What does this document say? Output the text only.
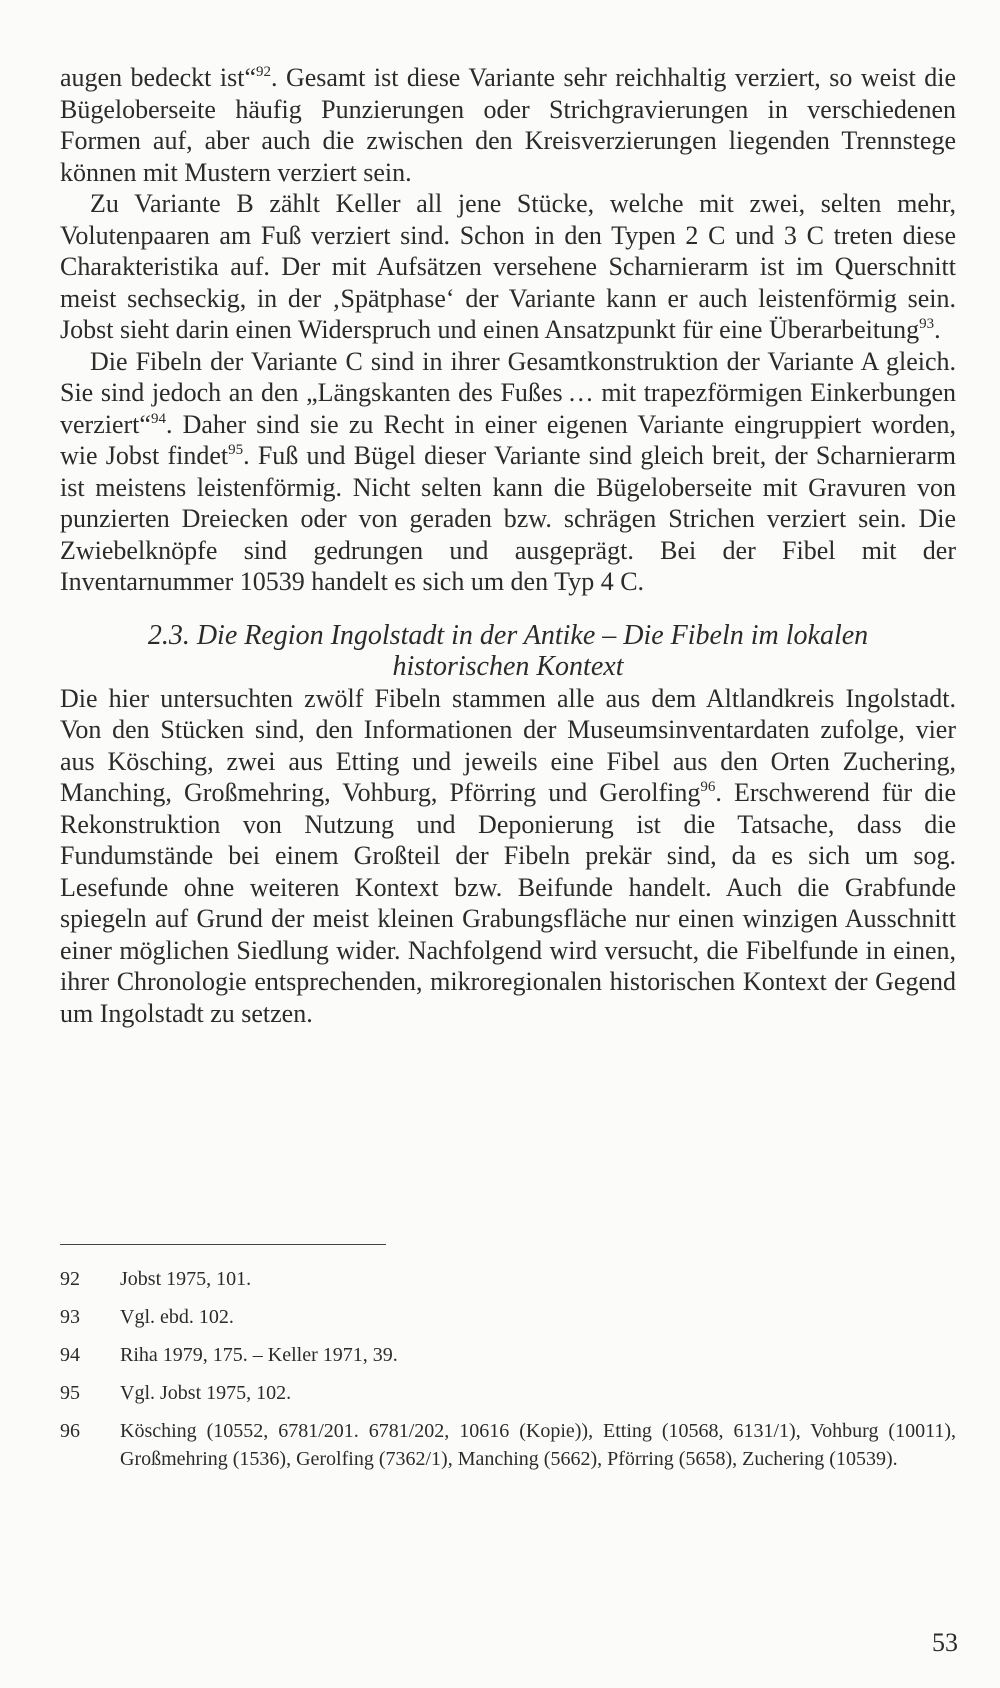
augen bedeckt ist“$^{92}$. Gesamt ist diese Variante sehr reichhaltig verziert, so weist die Bügeloberseite häufig Punzierungen oder Strichgravierungen in verschiedenen Formen auf, aber auch die zwischen den Kreisverzierungen liegenden Trennstege können mit Mustern verziert sein.

Zu Variante B zählt Keller all jene Stücke, welche mit zwei, selten mehr, Volutenpaaren am Fuß verziert sind. Schon in den Typen 2 C und 3 C treten diese Charakteristika auf. Der mit Aufsätzen versehene Scharnierarm ist im Querschnitt meist sechseckig, in der ‚Spätphase‘ der Variante kann er auch leistenförmig sein. Jobst sieht darin einen Widerspruch und einen Ansatzpunkt für eine Überarbeitung$^{93}$.

Die Fibeln der Variante C sind in ihrer Gesamtkonstruktion der Variante A gleich. Sie sind jedoch an den „Längskanten des Fußes … mit trapezförmigen Einkerbungen verziert“$^{94}$. Daher sind sie zu Recht in einer eigenen Variante eingruppiert worden, wie Jobst findet$^{95}$. Fuß und Bügel dieser Variante sind gleich breit, der Scharnierarm ist meistens leistenförmig. Nicht selten kann die Bügeloberseite mit Gravuren von punzierten Dreiecken oder von geraden bzw. schrägen Strichen verziert sein. Die Zwiebelknöpfe sind gedrungen und ausgeprägt. Bei der Fibel mit der Inventarnummer 10539 handelt es sich um den Typ 4 C.

2.3. Die Region Ingolstadt in der Antike – Die Fibeln im lokalen historischen Kontext

Die hier untersuchten zwölf Fibeln stammen alle aus dem Altlandkreis Ingolstadt. Von den Stücken sind, den Informationen der Museumsinventardaten zufolge, vier aus Kösching, zwei aus Etting und jeweils eine Fibel aus den Orten Zuchering, Manching, Großmehring, Vohburg, Pförring und Gerolfing$^{96}$. Erschwerend für die Rekonstruktion von Nutzung und Deponierung ist die Tatsache, dass die Fundumstände bei einem Großteil der Fibeln prekär sind, da es sich um sog. Lesefunde ohne weiteren Kontext bzw. Beifunde handelt. Auch die Grabfunde spiegeln auf Grund der meist kleinen Grabungsfläche nur einen winzigen Ausschnitt einer möglichen Siedlung wider. Nachfolgend wird versucht, die Fibelfunde in einen, ihrer Chronologie entsprechenden, mikroregionalen historischen Kontext der Gegend um Ingolstadt zu setzen.

92	Jobst 1975, 101.
93	Vgl. ebd. 102.
94	Riha 1979, 175. – Keller 1971, 39.
95	Vgl. Jobst 1975, 102.
96	Kösching (10552, 6781/201. 6781/202, 10616 (Kopie)), Etting (10568, 6131/1), Vohburg (10011), Großmehring (1536), Gerolfing (7362/1), Manching (5662), Pförring (5658), Zuchering (10539).
53
